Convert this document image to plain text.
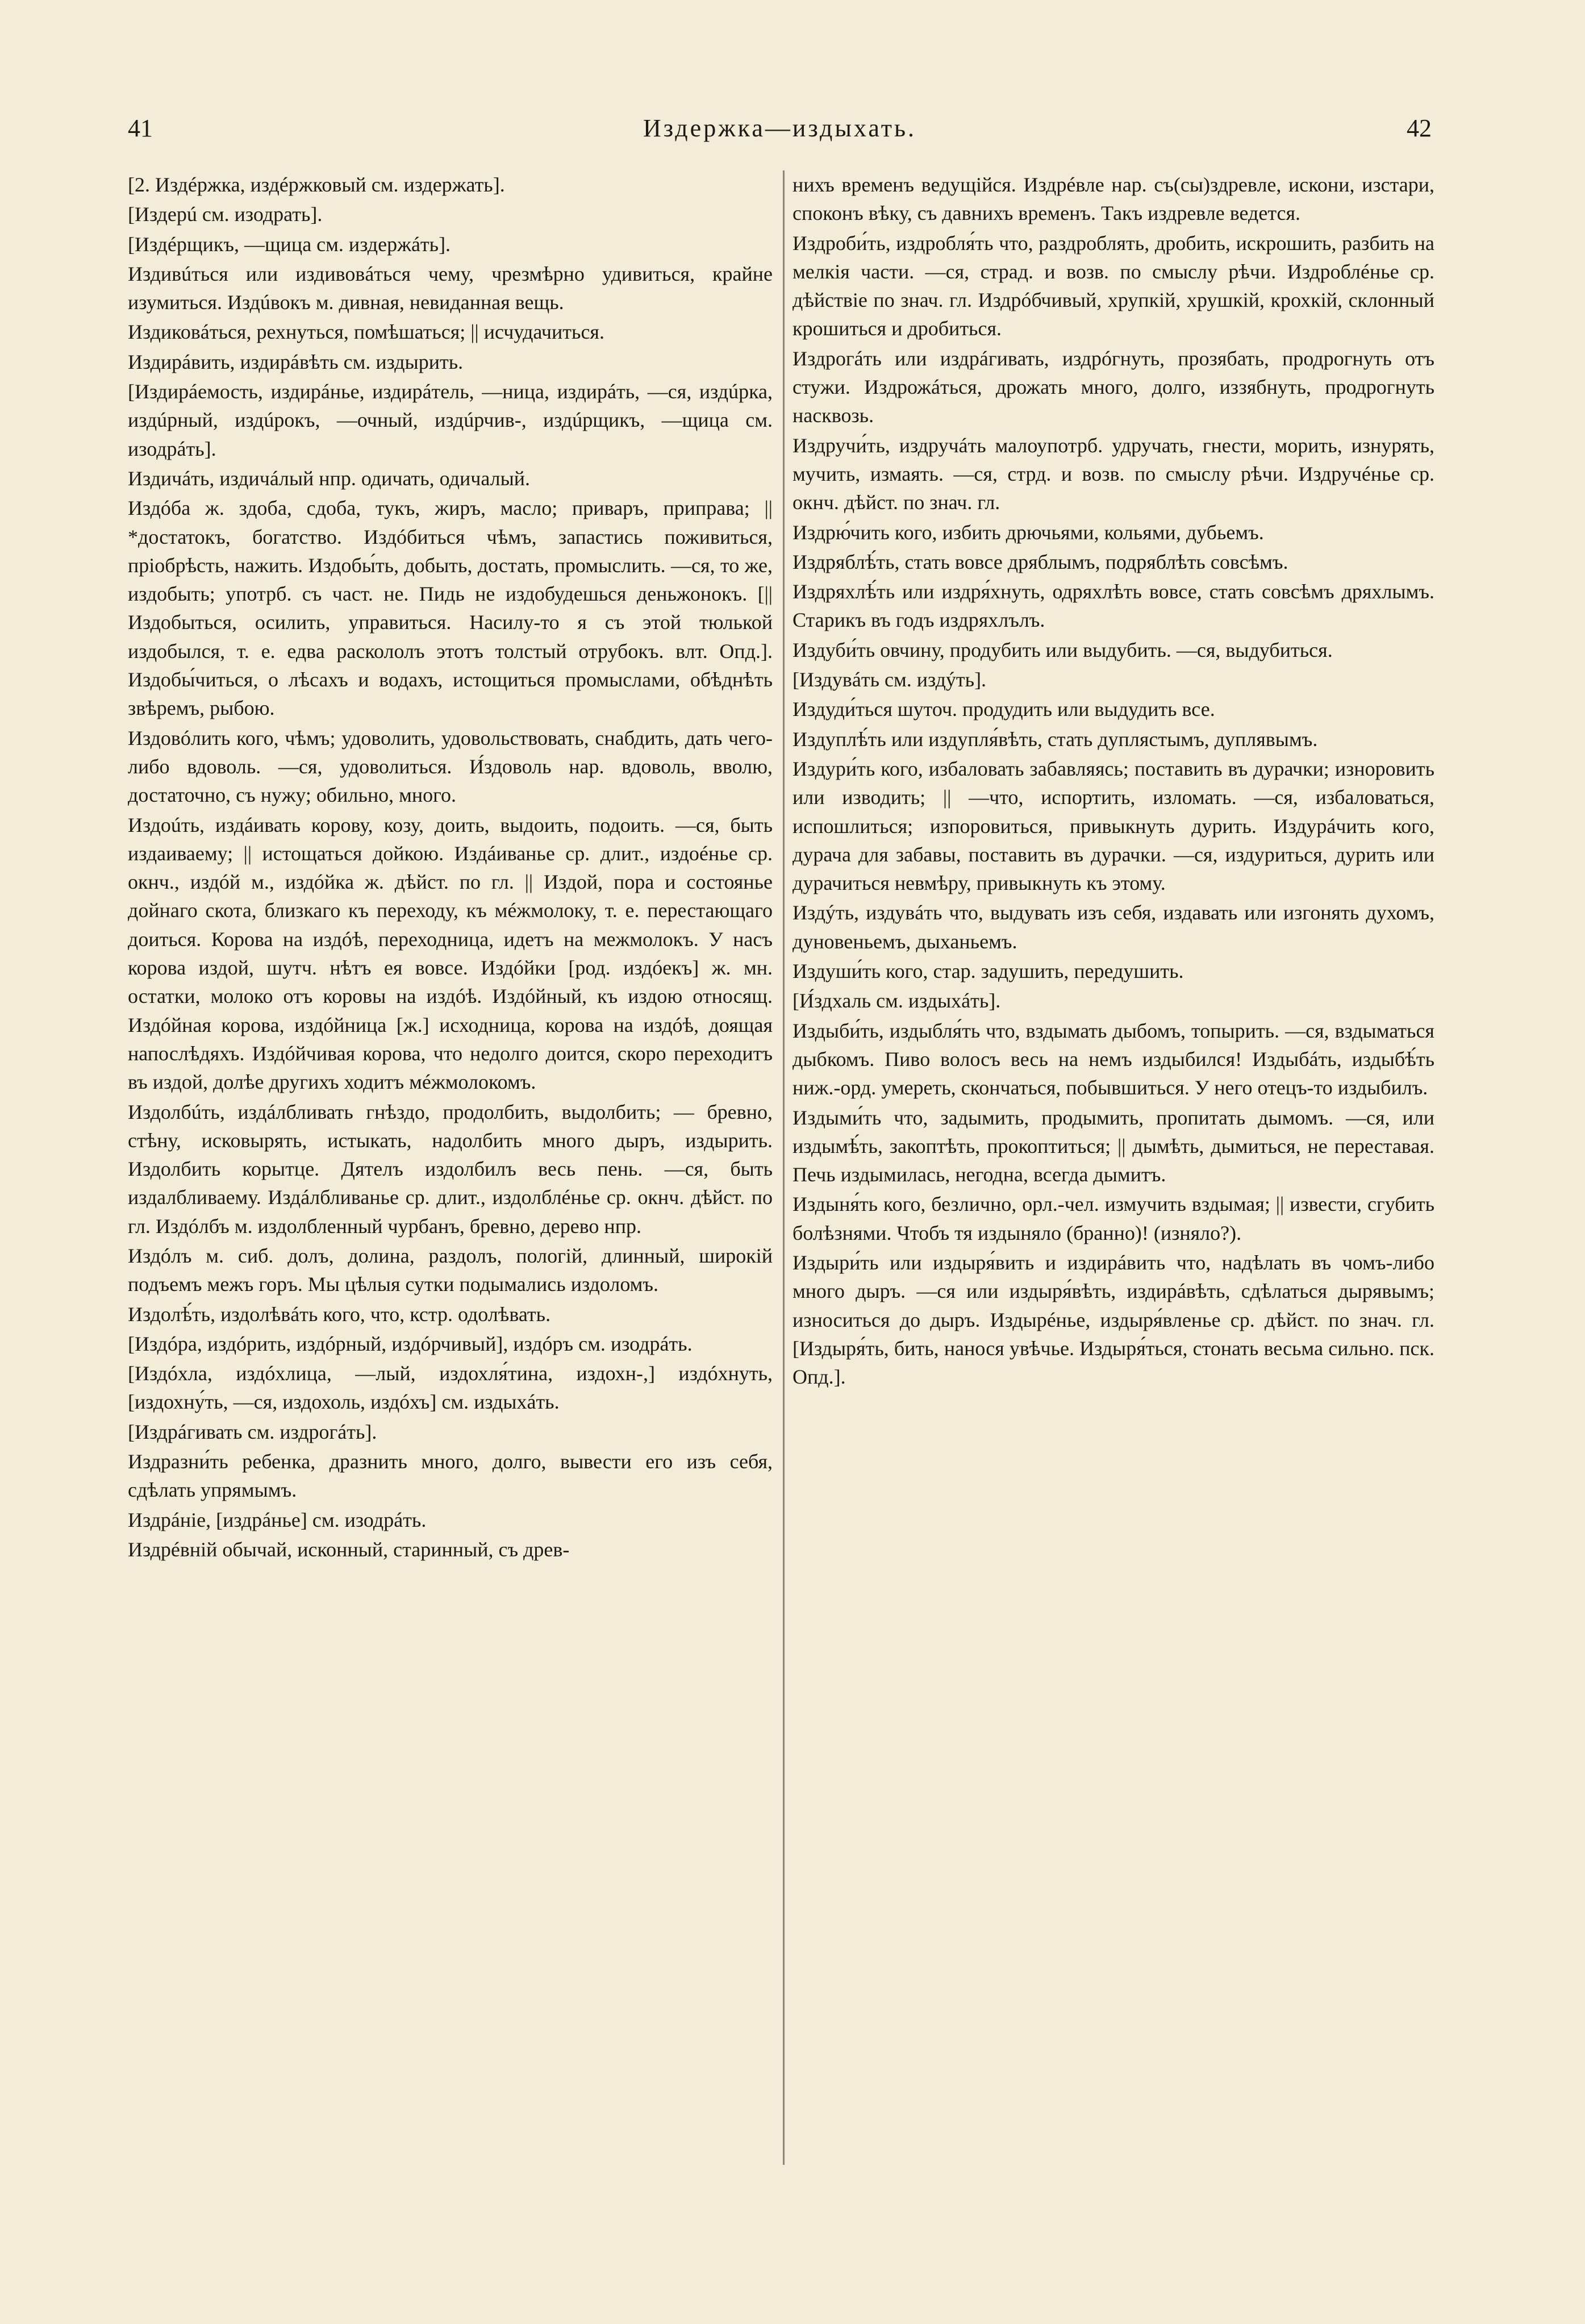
41	Издержка—издыхать.	42

[2. Издéржка, издéржковый см. издержать].

[Издерú см. изодрать].

[Издéрщикъ, —щица см. издержáть].

Издивúться или издивовáться чему, чрезмѣрно удивиться, крайне изумиться. Издúвокъ м. дивная, невиданная вещь.

Издиковáться, рехнуться, помѣшаться; || исчудачиться.

Издирáвить, издирáвѣть см. издырить.

[Издирáемость, издирáнье, издирáтель, —ница, издирáть, —ся, издúрка, издúрный, издúрокъ, —очный, издúрчив-, издúрщикъ, —щица см. изодрáть].

Издичáть, издичáлый нпр. одичать, одичалый.

Издóба ж. здоба, сдоба, тукъ, жиръ, масло; приваръ, приправа; || *достатокъ, богатство. Издóбиться чѣмъ, запастись поживиться, пріобрѣсть, нажить. Издобы́ть, добыть, достать, промыслить. —ся, то же, издобыть; употрб. съ част. не. Пидь не издобудешься деньжонокъ. [|| Издобыться, осилить, управиться. Насилу-то я съ этой тюлькой издобылся, т. е. едва раскололъ этотъ толстый отрубокъ. влт. Опд.]. Издобы́читься, о лѣсахъ и водахъ, истощиться промыслами, обѣднѣть звѣремъ, рыбою.

Издовóлить кого, чѣмъ; удоволить, удовольствовать, снабдить, дать чего-либо вдоволь. —ся, удоволиться. И́здоволь нар. вдоволь, вволю, достаточно, съ нужу; обильно, много.

Издоúть, издáивать корову, козу, доить, выдоить, подоить. —ся, быть издаиваему; || истощаться дойкою. Издáиванье ср. длит., издоéнье ср. окнч., издóй м., издóйка ж. дѣйст. по гл. || Издой, пора и состоянье дойнаго скота, близкаго къ переходу, къ мéжмолоку, т. е. перестающаго доиться. Корова на издóѣ, переходница, идетъ на межмолокъ. У насъ корова издой, шутч. нѣтъ ея вовсе. Издóйки [род. издóекъ] ж. мн. остатки, молоко отъ коровы на издóѣ. Издóйный, къ издою относящ. Издóйная корова, издóйница [ж.] исходница, корова на издóѣ, доящая напослѣдяхъ. Издóйчивая корова, что недолго доится, скоро переходитъ въ издой, долѣе другихъ ходитъ мéжмолокомъ.

Издолбúть, издáлбливать гнѣздо, продолбить, выдолбить; — бревно, стѣну, исковырять, истыкать, надолбить много дыръ, издырить. Издолбить корытце. Дятелъ издолбилъ весь пень. —ся, быть издалбливаему. Издáлбливанье ср. длит., издолблéнье ср. окнч. дѣйст. по гл. Издóлбъ м. издолбленный чурбанъ, бревно, дерево нпр.

Издóлъ м. сиб. долъ, долина, раздолъ, пологій, длинный, широкій подъемъ межъ горъ. Мы цѣлыя сутки подымались издоломъ.

Издолѣ́ть, издолѣвáть кого, что, кстр. одолѣвать.

[Издóра, издóрить, издóрный, издóрчивый], издóръ см. изодрáть.

[Издóхла, издóхлица, —лый, издохля́тина, издохн-,] издóхнуть, [издохну́ть, —ся, издохоль, издóхъ] см. издыхáть.

[Издрáгивать см. издрогáть].

Издразни́ть ребенка, дразнить много, долго, вывести его изъ себя, сдѣлать упрямымъ.

Издрáніе, [издрáнье] см. изодрáть.

Издрéвній обычай, исконный, старинный, съ древ-

нихъ временъ ведущійся. Издрéвле нар. съ(сы)здревле, искони, изстари, споконъ вѣку, съ давнихъ временъ. Такъ издревле ведется.

Издроби́ть, издробля́ть что, раздроблять, дробить, искрошить, разбить на мелкія части. —ся, страд. и возв. по смыслу рѣчи. Издроблéнье ср. дѣйствіе по знач. гл. Издрóбчивый, хрупкій, хрушкій, крохкій, склонный крошиться и дробиться.

Издрогáть или издрáгивать, издрóгнуть, прозябать, продрогнуть отъ стужи. Издрожáться, дрожать много, долго, иззябнуть, продрогнуть насквозь.

Издручи́ть, издручáть малоупотрб. удручать, гнести, морить, изнурять, мучить, измаять. —ся, стрд. и возв. по смыслу рѣчи. Издручéнье ср. окнч. дѣйст. по знач. гл.

Издрю́чить кого, избить дрючьями, кольями, дубьемъ.

Издряблѣ́ть, стать вовсе дряблымъ, подряблѣть совсѣмъ.

Издряхлѣ́ть или издря́хнуть, одряхлѣть вовсе, стать совсѣмъ дряхлымъ. Старикъ въ годъ издряхлълъ.

Издуби́ть овчину, продубить или выдубить. —ся, выдубиться.

[Издувáть см. издýть].

Издуди́ться шуточ. продудить или выдудить все.

Издуплѣ́ть или издупля́вѣть, стать дуплястымъ, дуплявымъ.

Издури́ть кого, избаловать забавляясь; поставить въ дурачки; изноровить или изводить; || —что, испортить, изломать. —ся, избаловаться, испошлиться; изпоровиться, привыкнуть дурить. Издурáчить кого, дурача для забавы, поставить въ дурачки. —ся, издуриться, дурить или дурачиться невмѣру, привыкнуть къ этому.

Издýть, издувáть что, выдувать изъ себя, издавать или изгонять духомъ, дуновеньемъ, дыханьемъ.

Издуши́ть кого, стар. задушить, передушить.

[И́здхаль см. издыхáть].

Издыби́ть, издыбля́ть что, вздымать дыбомъ, топырить. —ся, вздыматься дыбкомъ. Пиво волосъ весь на немъ издыбился! Издыбáть, издыбѣ́ть ниж.-орд. умереть, скончаться, побывшиться. У него отецъ-то издыбилъ.

Издыми́ть что, задымить, продымить, пропитать дымомъ. —ся, или издымѣ́ть, закоптѣть, прокоптиться; || дымѣть, дымиться, не переставая. Печь издымилась, негодна, всегда дымитъ.

Издыня́ть кого, безлично, орл.-чел. измучить вздымая; || извести, сгубить болѣзнями. Чтобъ тя издыняло (бранно)! (изняло?).

Издыри́ть или издыря́вить и издирáвить что, надѣлать въ чомъ-либо много дыръ. —ся или издыря́вѣть, издирáвѣть, сдѣлаться дырявымъ; износиться до дыръ. Издырéнье, издыря́вленье ср. дѣйст. по знач. гл. [Издыря́ть, бить, нанося увѣчье. Издыря́ться, стонать весьма сильно. пск. Опд.].
